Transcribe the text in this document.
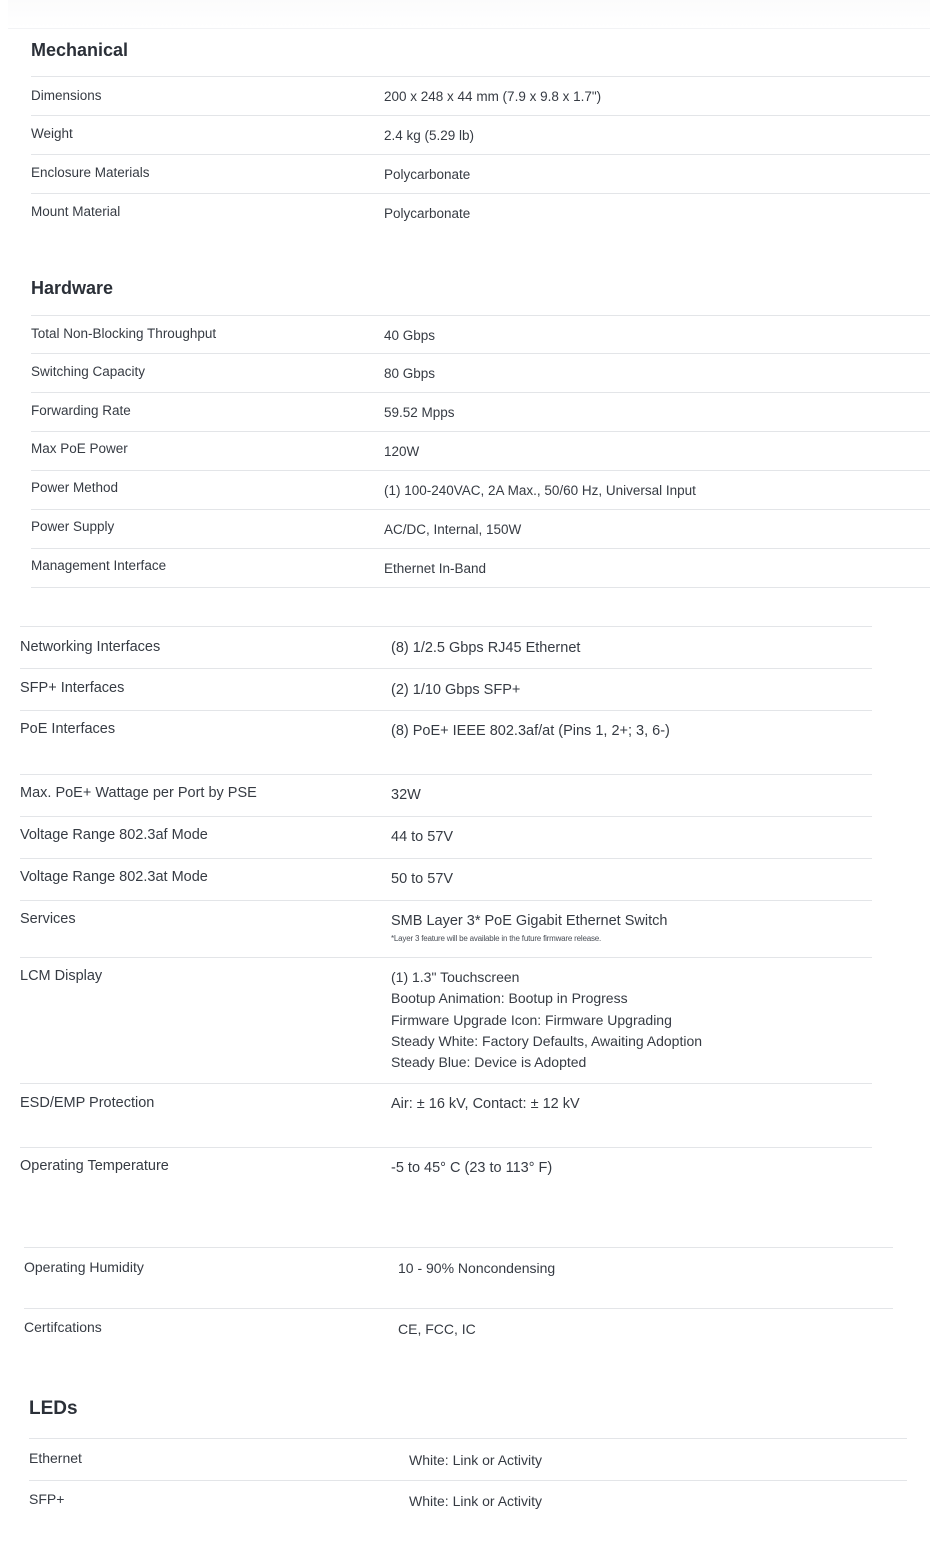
Mechanical
Dimensions	200 x 248 x 44 mm (7.9 x 9.8 x 1.7")
Weight	2.4 kg (5.29 lb)
Enclosure Materials	Polycarbonate
Mount Material	Polycarbonate
Hardware
Total Non-Blocking Throughput	40 Gbps
Switching Capacity	80 Gbps
Forwarding Rate	59.52 Mpps
Max PoE Power	120W
Power Method	(1) 100-240VAC, 2A Max., 50/60 Hz, Universal Input
Power Supply	AC/DC, Internal, 150W
Management Interface	Ethernet In-Band
Networking Interfaces	(8) 1/2.5 Gbps RJ45 Ethernet
SFP+ Interfaces	(2) 1/10 Gbps SFP+
PoE Interfaces	(8) PoE+ IEEE 802.3af/at (Pins 1, 2+; 3, 6-)
Max. PoE+ Wattage per Port by PSE	32W
Voltage Range 802.3af Mode	44 to 57V
Voltage Range 802.3at Mode	50 to 57V
Services	SMB Layer 3* PoE Gigabit Ethernet Switch
*Layer 3 feature will be available in the future firmware release.
LCM Display	(1) 1.3" Touchscreen
Bootup Animation: Bootup in Progress
Firmware Upgrade Icon: Firmware Upgrading
Steady White: Factory Defaults, Awaiting Adoption
Steady Blue: Device is Adopted
ESD/EMP Protection	Air: ± 16 kV, Contact: ± 12 kV
Operating Temperature	-5 to 45° C (23 to 113° F)
Operating Humidity	10 - 90% Noncondensing
Certifcations	CE, FCC, IC
LEDs
Ethernet	White: Link or Activity
SFP+	White: Link or Activity
